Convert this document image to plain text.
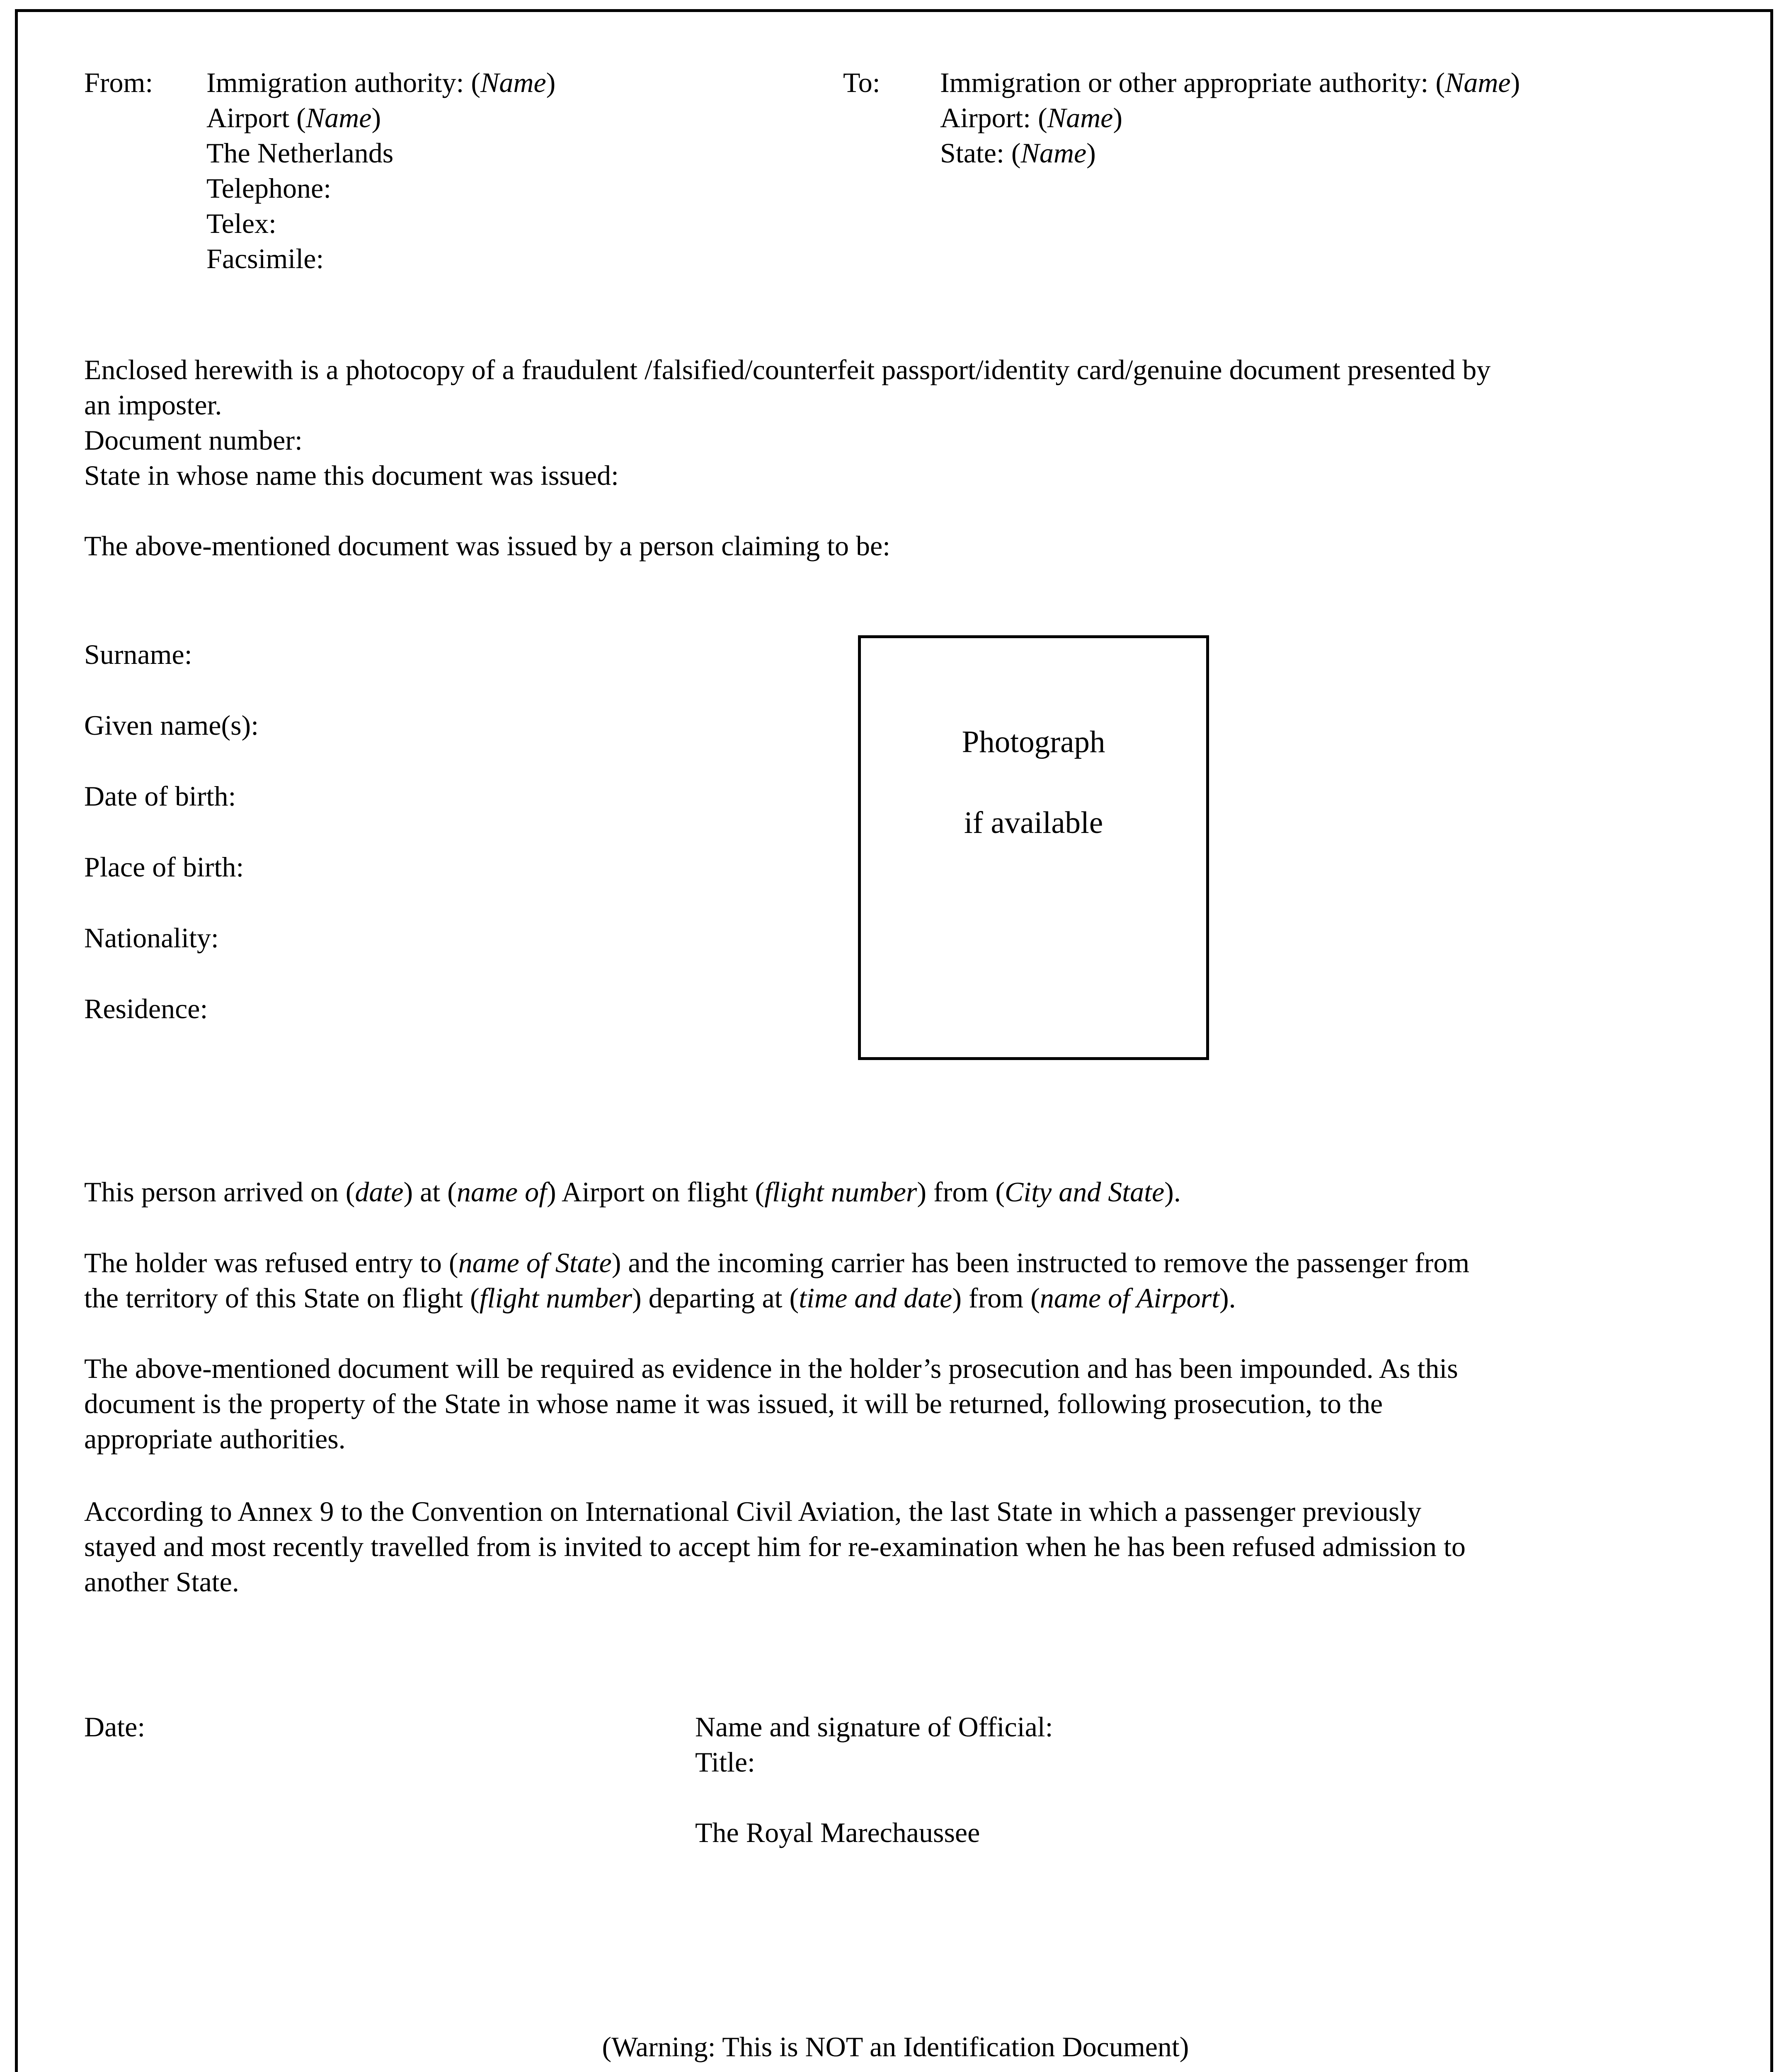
From: Immigration authority: (Name)
Airport (Name)
The Netherlands
Telephone:
Telex:
Facsimile:
To: Immigration or other appropriate authority: (Name)
Airport: (Name)
State: (Name)
Enclosed herewith is a photocopy of a fraudulent /falsified/counterfeit passport/identity card/genuine document presented by
an imposter.
Document number:
State in whose name this document was issued:
The above-mentioned document was issued by a person claiming to be:
Surname:
Given name(s):
Date of birth:
Place of birth:
Nationality:
Residence:
Photograph
if available
This person arrived on (date) at (name of) Airport on flight (flight number) from (City and State).
The holder was refused entry to (name of State) and the incoming carrier has been instructed to remove the passenger from
the territory of this State on flight (flight number) departing at (time and date) from (name of Airport).
The above-mentioned document will be required as evidence in the holder’s prosecution and has been impounded. As this
document is the property of the State in whose name it was issued, it will be returned, following prosecution, to the
appropriate authorities.
According to Annex 9 to the Convention on International Civil Aviation, the last State in which a passenger previously
stayed and most recently travelled from is invited to accept him for re-examination when he has been refused admission to
another State.
Date:	Name and signature of Official:
Title:
The Royal Marechaussee
(Warning: This is NOT an Identification Document)
